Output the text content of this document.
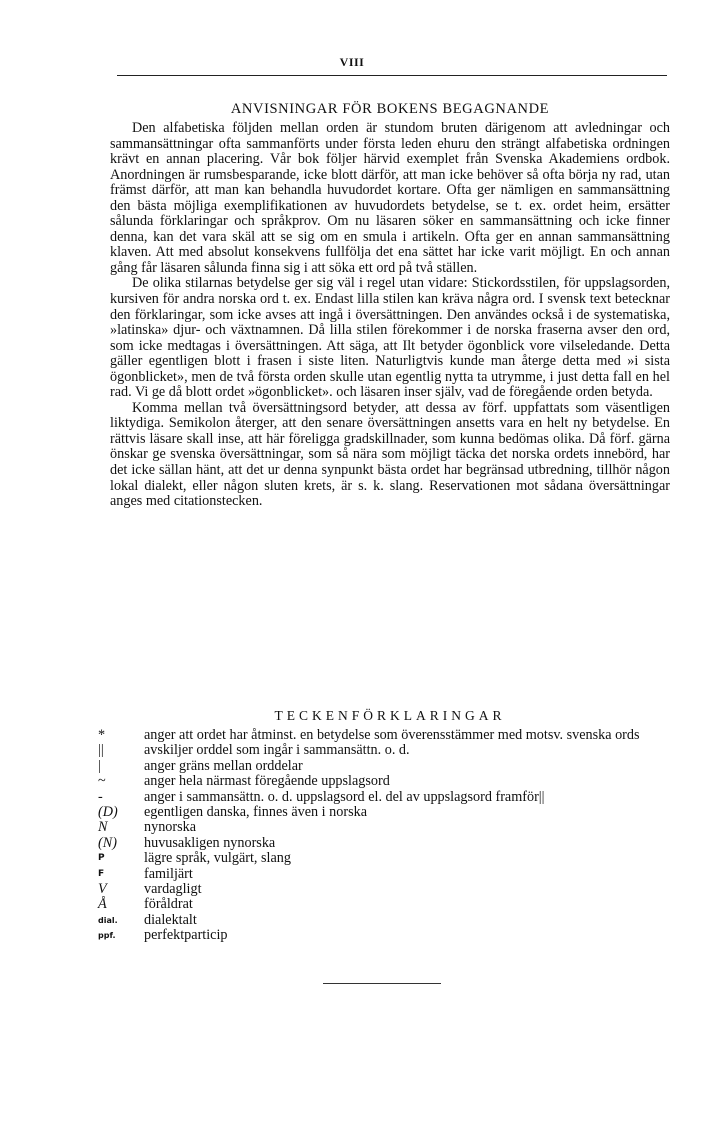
VIII
ANVISNINGAR FÖR BOKENS BEGAGNANDE

Den alfabetiska följden mellan orden är stundom bruten därigenom att avledningar och sammansättningar ofta sammanförts under första leden ehuru den strängt alfabetiska ordningen krävt en annan placering. Vår bok följer härvid exemplet från Svenska Akademiens ordbok. Anordningen är rumsbesparande, icke blott därför, att man icke behöver så ofta börja ny rad, utan främst därför, att man kan behandla huvudordet kortare. Ofta ger nämligen en sammansättning den bästa möjliga exemplifikationen av huvudordets betydelse, se t. ex. ordet heim, ersätter sålunda förklaringar och språkprov. Om nu läsaren söker en sammansättning och icke finner denna, kan det vara skäl att se sig om en smula i artikeln. Ofta ger en annan sammansättning klaven. Att med absolut konsekvens fullfölja det ena sättet har icke varit möjligt. En och annan gång får läsaren sålunda finna sig i att söka ett ord på två ställen.

De olika stilarnas betydelse ger sig väl i regel utan vidare: Stickordsstilen, för uppslagsorden, kursiven för andra norska ord t. ex. Endast lilla stilen kan kräva några ord. I svensk text betecknar den förklaringar, som icke avses att ingå i översättningen. Den användes också i de systematiska, »latinska» djur- och växtnamnen. Då lilla stilen förekommer i de norska fraserna avser den ord, som icke medtagas i översättningen. Att säga, att Ilt betyder ögonblick vore vilseledande. Detta gäller egentligen blott i frasen i siste liten. Naturligtvis kunde man återge detta med »i sista ögonblicket», men de två första orden skulle utan egentlig nytta ta utrymme, i just detta fall en hel rad. Vi ge då blott ordet »ögonblicket». och läsaren inser själv, vad de föregående orden betyda.

Komma mellan två översättningsord betyder, att dessa av förf. uppfattats som väsentligen liktydiga. Semikolon återger, att den senare översättningen ansetts vara en helt ny betydelse. En rättvis läsare skall inse, att här föreligga gradskillnader, som kunna bedömas olika. Då förf. gärna önskar ge svenska översättningar, som så nära som möjligt täcka det norska ordets innebörd, har det icke sällan hänt, att det ur denna synpunkt bästa ordet har begränsad utbredning, tillhör någon lokal dialekt, eller någon sluten krets, är s. k. slang. Reservationen mot sådana översättningar anges med citationstecken.

TECKENFÖRKLARINGAR
*	anger att ordet har åtminst. en betydelse som överensstämmer med motsv. svenska ords
||	avskiljer orddel som ingår i sammansättn. o. d.
|	anger gräns mellan orddelar
~	anger hela närmast föregående uppslagsord
-	anger i sammansättn. o. d. uppslagsord el. del av uppslagsord framför||
(D)	egentligen danska, finnes även i norska
N	nynorska
(N)	huvusakligen nynorska
P	lägre språk, vulgärt, slang
F	familjärt
V	vardagligt
Å	föråldrat
dial.	dialektalt
ppf.	perfektparticip
